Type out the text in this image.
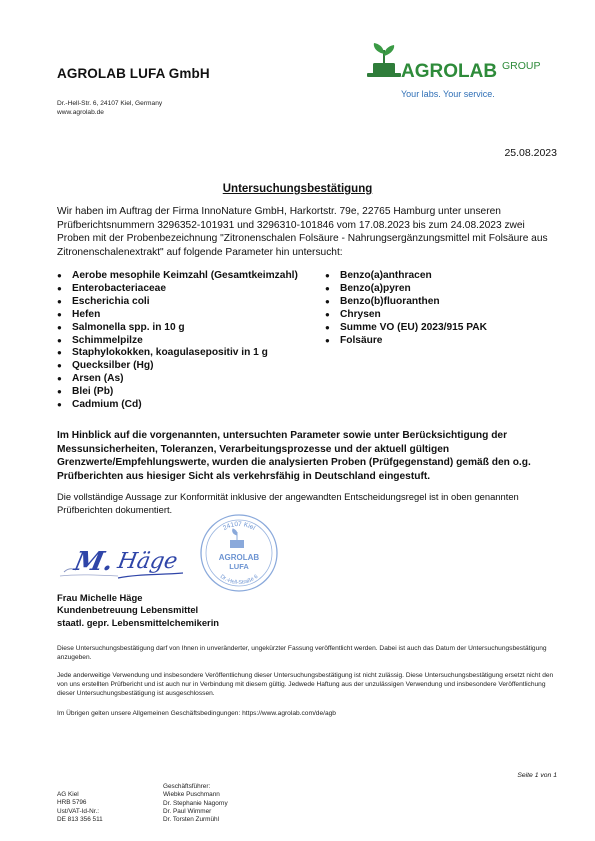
AGROLAB LUFA GmbH
Dr.-Hell-Str. 6, 24107 Kiel, Germany
www.agrolab.de
AGROLAB GROUP
Your labs. Your service.
25.08.2023
Untersuchungsbestätigung
Wir haben im Auftrag der Firma InnoNature GmbH, Harkortstr. 79e, 22765 Hamburg unter unseren Prüfberichtsnummern 3296352-101931 und 3296310-101846 vom 17.08.2023 bis zum 24.08.2023 zwei Proben mit der Probenbezeichnung "Zitronenschalen Folsäure - Nahrungsergänzungsmittel mit Folsäure aus Zitronenschalenextrakt" auf folgende Parameter hin untersucht:
● Aerobe mesophile Keimzahl (Gesamtkeimzahl)
● Enterobacteriaceae
● Escherichia coli
● Hefen
● Salmonella spp. in 10 g
● Schimmelpilze
● Staphylokokken, koagulasepositiv in 1 g
● Quecksilber (Hg)
● Arsen (As)
● Blei (Pb)
● Cadmium (Cd)
● Benzo(a)anthracen
● Benzo(a)pyren
● Benzo(b)fluoranthen
● Chrysen
● Summe VO (EU) 2023/915 PAK
● Folsäure
Im Hinblick auf die vorgenannten, untersuchten Parameter sowie unter Berücksichtigung der Messunsicherheiten, Toleranzen, Verarbeitungsprozesse und der aktuell gültigen Grenzwerte/Empfehlungswerte, wurden die analysierten Proben (Prüfgegenstand) gemäß den o.g. Prüfberichten aus hiesiger Sicht als verkehrsfähig in Deutschland eingestuft.
Die vollständige Aussage zur Konformität inklusive der angewandten Entscheidungsregel ist in oben genannten Prüfberichten dokumentiert.
M. Häge
24107 Kiel
Dr.-Hell-Straße 6
AGROLAB
LUFA
Frau Michelle Häge
Kundenbetreuung Lebensmittel
staatl. gepr. Lebensmittelchemikerin
Diese Untersuchungsbestätigung darf von Ihnen in unveränderter, ungekürzter Fassung veröffentlicht werden. Dabei ist auch das Datum der Untersuchungsbestätigung anzugeben.
Jede anderweitige Verwendung und insbesondere Veröffentlichung dieser Untersuchungsbestätigung ist nicht zulässig. Diese Untersuchungsbestätigung ersetzt nicht den von uns erstellten Prüfbericht und ist auch nur in Verbindung mit diesem gültig. Jedwede Haftung aus der unzulässigen Verwendung und insbesondere Veröffentlichung dieser Untersuchungsbestätigung ist ausgeschlossen.
Im Übrigen gelten unsere Allgemeinen Geschäftsbedingungen: https://www.agrolab.com/de/agb
Seite 1 von 1
AG Kiel
HRB 5796
Ust/VAT-Id-Nr.:
DE 813 356 511
Geschäftsführer:
Wiebke Puschmann
Dr. Stephanie Nagorny
Dr. Paul Wimmer
Dr. Torsten Zurmühl
